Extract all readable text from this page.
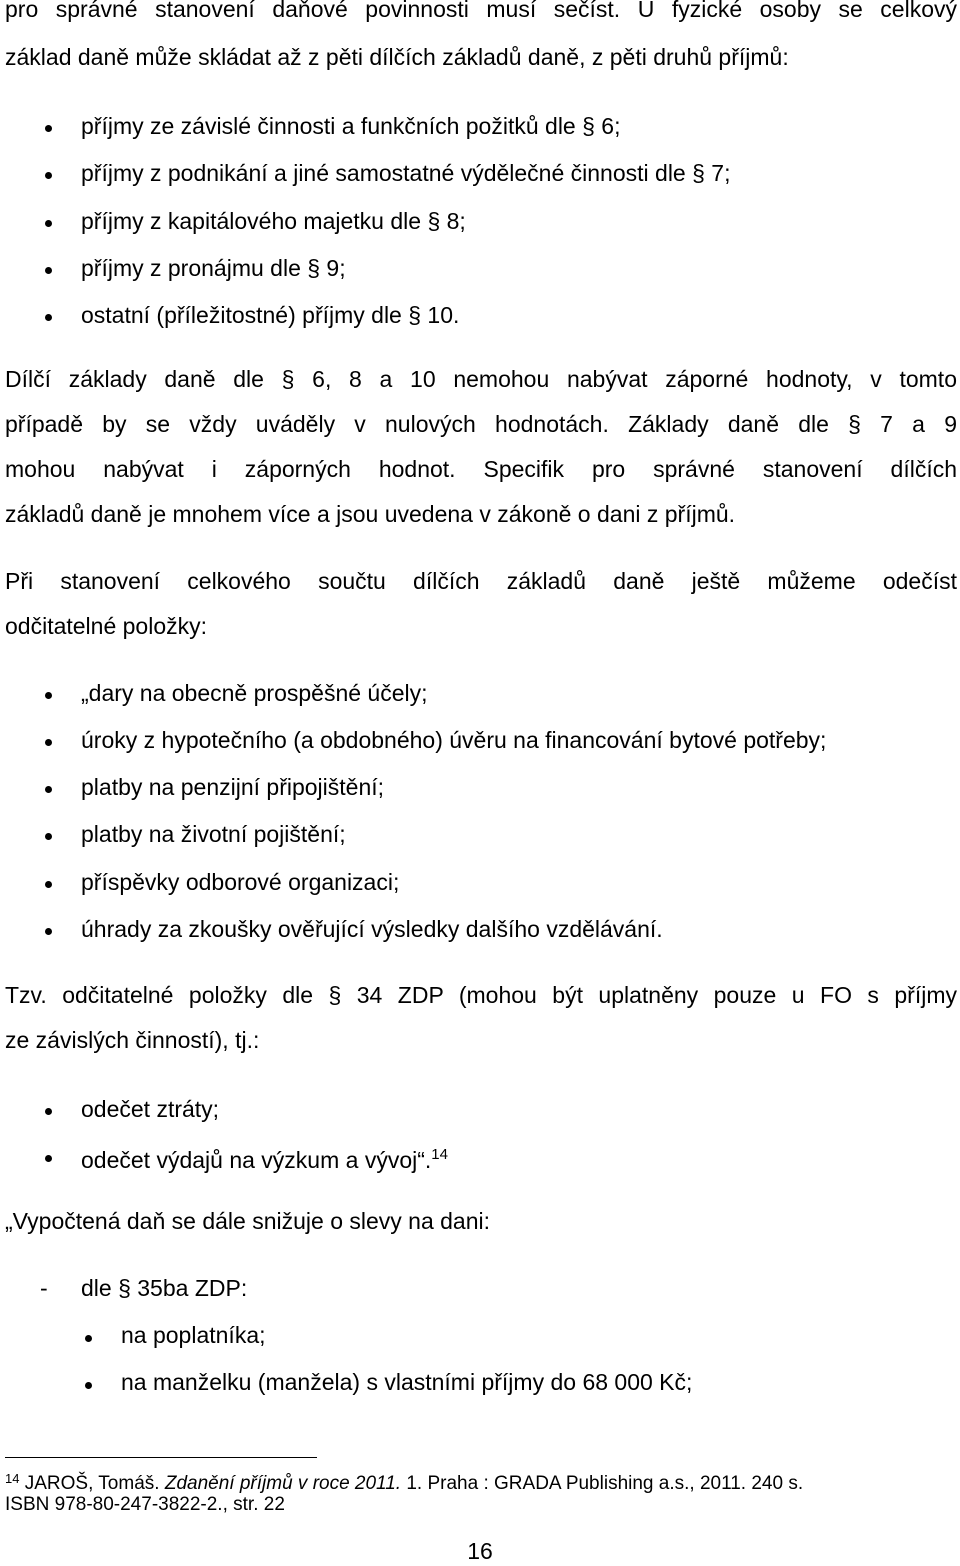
pro správné stanovení daňové povinnosti musí sečíst. U fyzické osoby se celkový
základ daně může skládat až z pěti dílčích základů daně, z pěti druhů příjmů:
příjmy ze závislé činnosti a funkčních požitků dle § 6;
příjmy z podnikání a jiné samostatné výdělečné činnosti dle § 7;
příjmy z kapitálového majetku dle § 8;
příjmy z pronájmu dle § 9;
ostatní (příležitostné) příjmy dle § 10.
Dílčí základy daně dle § 6, 8 a 10 nemohou nabývat záporné hodnoty, v tomto
případě by se vždy uváděly v nulových hodnotách. Základy daně dle § 7 a 9
mohou nabývat i záporných hodnot. Specifik pro správné stanovení dílčích
základů daně je mnohem více a jsou uvedena v zákoně o dani z příjmů.
Při stanovení celkového součtu dílčích základů daně ještě můžeme odečíst
odčitatelné položky:
„dary na obecně prospěšné účely;
úroky z hypotečního (a obdobného) úvěru na financování bytové potřeby;
platby na penzijní připojištění;
platby na životní pojištění;
příspěvky odborové organizaci;
úhrady za zkoušky ověřující výsledky dalšího vzdělávání.
Tzv. odčitatelné položky dle § 34 ZDP (mohou být uplatněny pouze u FO s příjmy
ze závislých činností), tj.:
odečet ztráty;
odečet výdajů na výzkum a vývoj“.$^{14}$
„Vypočtená daň se dále snižuje o slevy na dani:
- dle § 35ba ZDP:
na poplatníka;
na manželku (manžela) s vlastními příjmy do 68 000 Kč;
$^{14}$ JAROŠ, Tomáš. Zdanění příjmů v roce 2011. 1. Praha : GRADA Publishing a.s., 2011. 240 s.
ISBN 978-80-247-3822-2., str. 22
16
